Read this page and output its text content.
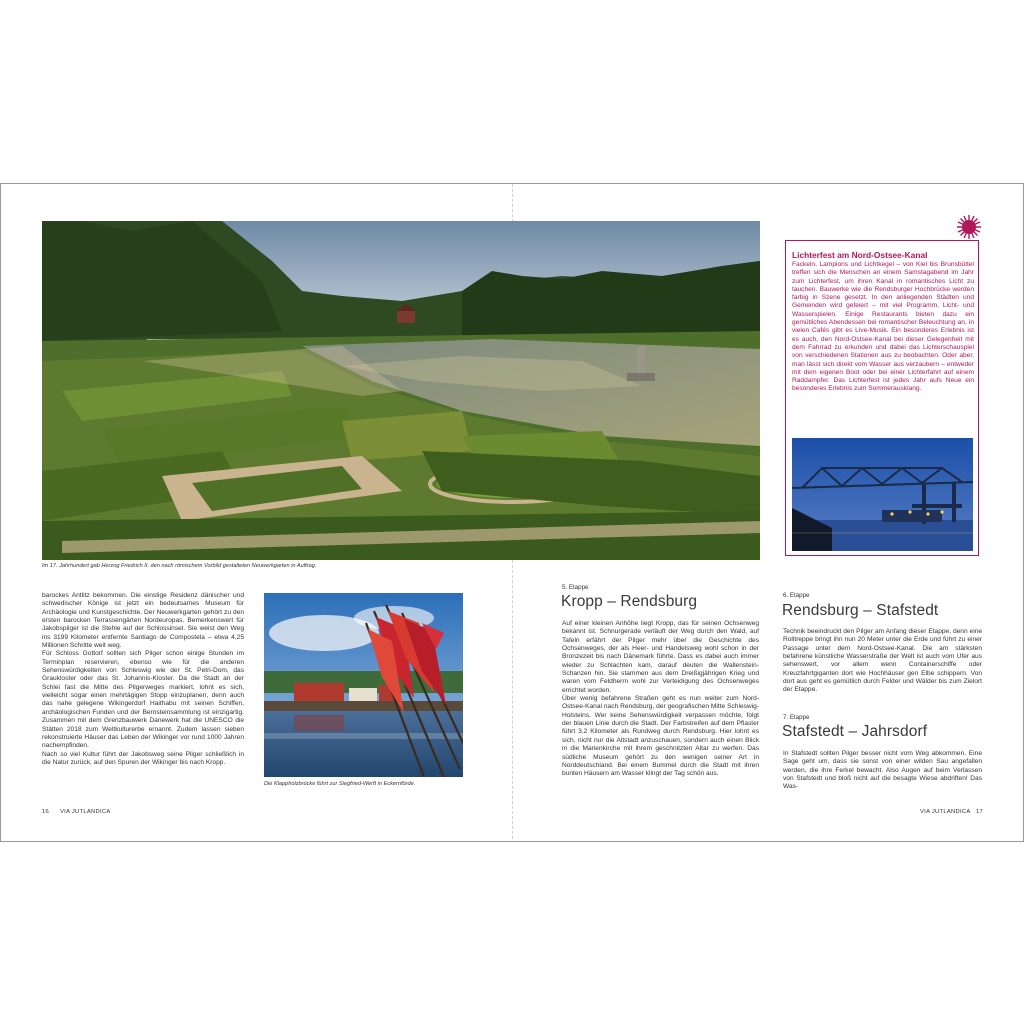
Im 17. Jahrhundert gab Herzog Friedrich II. den nach römischem Vorbild gestalteten Neuwerkgarten in Auftrag.

barockes Antlitz bekommen. Die einstige Residenz dänischer und schwedischer Könige ist jetzt ein bedeutsames Museum für Archäologie und Kunstgeschichte. Der Neuwerkgarten gehört zu den ersten barocken Terrassengärten Nordeuropas. Bemerkenswert für Jakobspilger ist die Stehle auf der Schlossinsel. Sie weist den Weg ins 3199 Kilometer entfernte Santiago de Compostela – etwa 4,25 Millionen Schritte weit weg.

Für Schloss Gottorf sollten sich Pilger schon einige Stunden im Terminplan reservieren, ebenso wie für die anderen Sehenswürdigkeiten von Schleswig wie der St. Petri-Dom, das Graukloster oder das St. Johannis-Kloster. Da die Stadt an der Schlei fast die Mitte des Pilgerweges markiert, lohnt es sich, vielleicht sogar einen mehrtägigen Stopp einzuplanen, denn auch das nahe gelegene Wikingerdorf Haithabu mit seinen Schiffen, archäologischen Funden und der Bernsteinsammlung ist einzigartig. Zusammen mit dem Grenzbauwerk Danewerk hat die UNESCO die Stätten 2018 zum Weltkulturerbe ernannt. Zudem lassen sieben rekonstruierte Häuser das Leben der Wikinger vor rund 1000 Jahren nachempfinden.

Nach so viel Kultur führt der Jakobsweg seine Pilger schließlich in die Natur zurück, auf den Spuren der Wikinger bis nach Kropp.

Die Klappholzbrücke führt zur Siegfried-Werft in Eckernförde.
5. Etappe
Kropp – Rendsburg

Auf einer kleinen Anhöhe liegt Kropp, das für seinen Ochsenweg bekannt ist. Schnurgerade verläuft der Weg durch den Wald, auf Tafeln erfährt der Pilger mehr über die Geschichte des Ochsenweges, der als Heer- und Handelsweg wohl schon in der Bronzezeit bis nach Dänemark führte. Dass es dabei auch immer wieder zu Schlachten kam, darauf deuten die Wallenstein-Schanzen hin. Sie stammen aus dem Dreißigjährigen Krieg und waren vom Feldherrn wohl zur Verteidigung des Ochsenweges errichtet worden.

Über wenig befahrene Straßen geht es nun weiter zum Nord-Ostsee-Kanal nach Rendsburg, der geografischen Mitte Schleswig-Holsteins. Wer keine Sehenswürdigkeit verpassen möchte, folgt der blauen Linie durch die Stadt. Der Farbstreifen auf dem Pflaster führt 3,2 Kilometer als Rundweg durch Rendsburg. Hier lohnt es sich, nicht nur die Altstadt anzuschauen, sondern auch einen Blick in die Marienkirche mit ihrem geschnitzten Altar zu werfen. Das südliche Museum gehört zu den wenigen seiner Art in Norddeutschland. Bei einem Bummel durch die Stadt mit ihren bunten Häusern am Wasser klingt der Tag schön aus.

6. Etappe
Rendsburg – Stafstedt
Technik beeindruckt den Pilger am Anfang dieser Etappe, denn eine Rolltreppe bringt ihn nun 20 Meter unter die Erde und führt zu einer Passage unter dem Nord-Ostsee-Kanal. Die am stärksten befahrene künstliche Wasserstraße der Welt ist auch vom Ufer aus sehenswert, vor allem wenn Containerschiffe oder Kreuzfahrtgiganten dort wie Hochhäuser gen Elbe schippern. Von dort aus geht es gemütlich durch Felder und Wälder bis zum Zielort der Etappe.
7. Etappe
Stafstedt – Jahrsdorf
In Stafstedt sollten Pilger besser nicht vom Weg abkommen. Eine Sage geht um, dass sie sonst von einer wilden Sau angefallen werden, die ihre Ferkel bewacht. Also Augen auf beim Verlassen von Stafstedt und bloß nicht auf die besagte Wiese abdriften! Das Was-
Lichterfest am Nord-Ostsee-Kanal
Fackeln, Lampions und Lichtkegel – von Kiel bis Brunsbüttel treffen sich die Menschen an einem Samstagabend im Jahr zum Lichterfest, um ihren Kanal in romantisches Licht zu tauchen. Bauwerke wie die Rendsburger Hochbrücke werden farbig in Szene gesetzt. In den anliegenden Städten und Gemeinden wird gefeiert – mit viel Programm, Licht- und Wasserspielen. Einige Restaurants bieten dazu ein gemütliches Abendessen bei romantischer Beleuchtung an, in vielen Cafés gibt es Live-Musik. Ein besonderes Erlebnis ist es auch, den Nord-Ostsee-Kanal bei dieser Gelegenheit mit dem Fahrrad zu erkunden und dabei das Lichterschauspiel von verschiedenen Stationen aus zu beobachten. Oder aber, man lässt sich direkt vom Wasser aus verzaubern – entweder mit dem eigenen Boot oder bei einer Lichterfahrt auf einem Raddampfer. Das Lichterfest ist jedes Jahr aufs Neue ein besonderes Erlebnis zum Sommerausklang.
16 VIA JUTLANDICA	VIA JUTLANDICA 17
